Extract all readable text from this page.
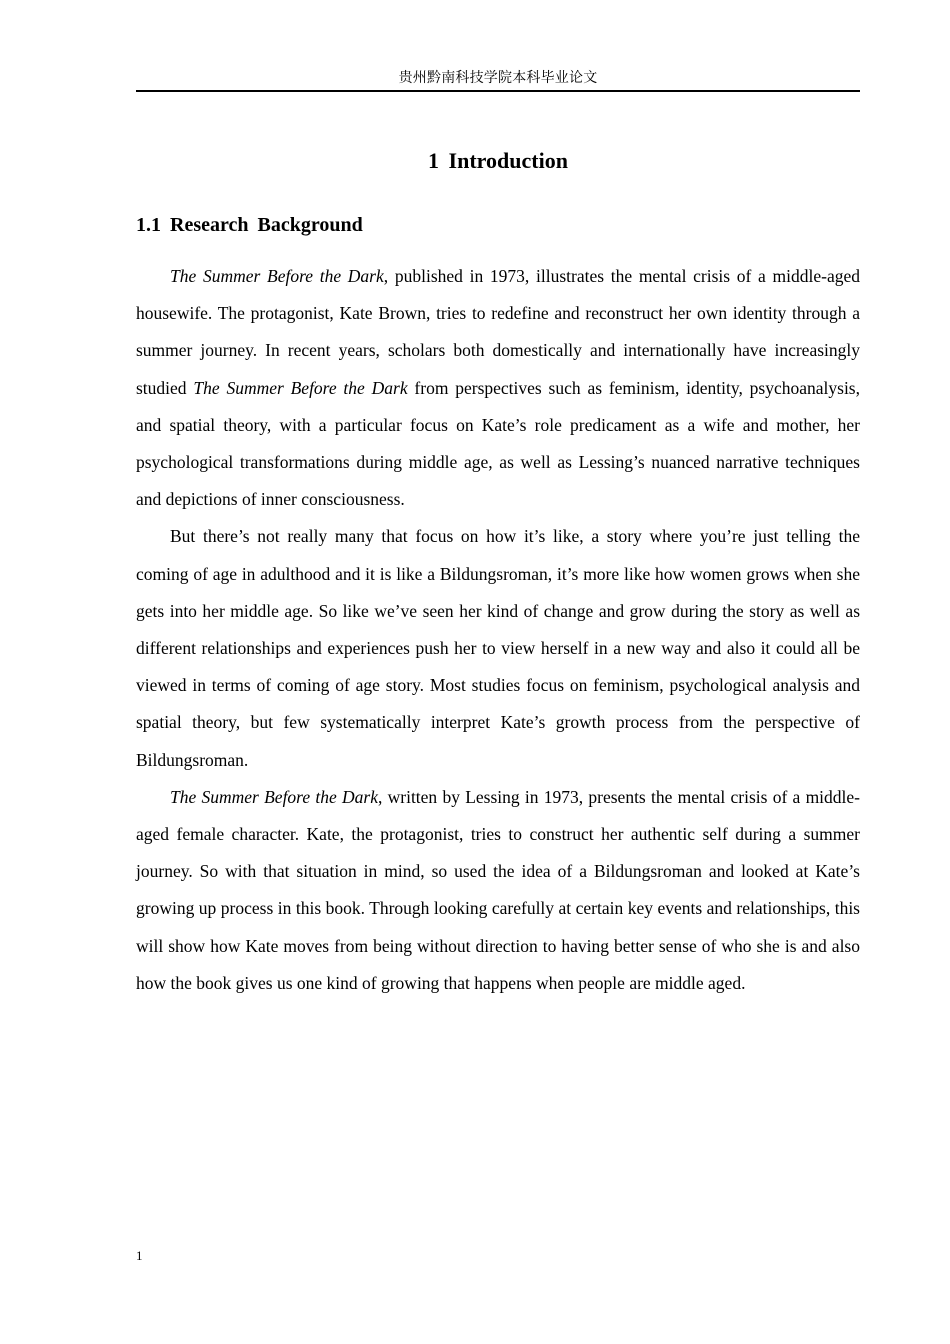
贵州黔南科技学院本科毕业论文
1 Introduction
1.1 Research Background

The Summer Before the Dark, published in 1973, illustrates the mental crisis of a middle-aged housewife. The protagonist, Kate Brown, tries to redefine and reconstruct her own identity through a summer journey. In recent years, scholars both domestically and internationally have increasingly studied The Summer Before the Dark from perspectives such as feminism, identity, psychoanalysis, and spatial theory, with a particular focus on Kate’s role predicament as a wife and mother, her psychological transformations during middle age, as well as Lessing’s nuanced narrative techniques and depictions of inner consciousness.

But there’s not really many that focus on how it’s like, a story where you’re just telling the coming of age in adulthood and it is like a Bildungsroman, it’s more like how women grows when she gets into her middle age. So like we’ve seen her kind of change and grow during the story as well as different relationships and experiences push her to view herself in a new way and also it could all be viewed in terms of coming of age story. Most studies focus on feminism, psychological analysis and spatial theory, but few systematically interpret Kate’s growth process from the perspective of Bildungsroman.

The Summer Before the Dark, written by Lessing in 1973, presents the mental crisis of a middle-aged female character. Kate, the protagonist, tries to construct her authentic self during a summer journey. So with that situation in mind, so used the idea of a Bildungsroman and looked at Kate’s growing up process in this book. Through looking carefully at certain key events and relationships, this will show how Kate moves from being without direction to having better sense of who she is and also how the book gives us one kind of growing that happens when people are middle aged.

1
